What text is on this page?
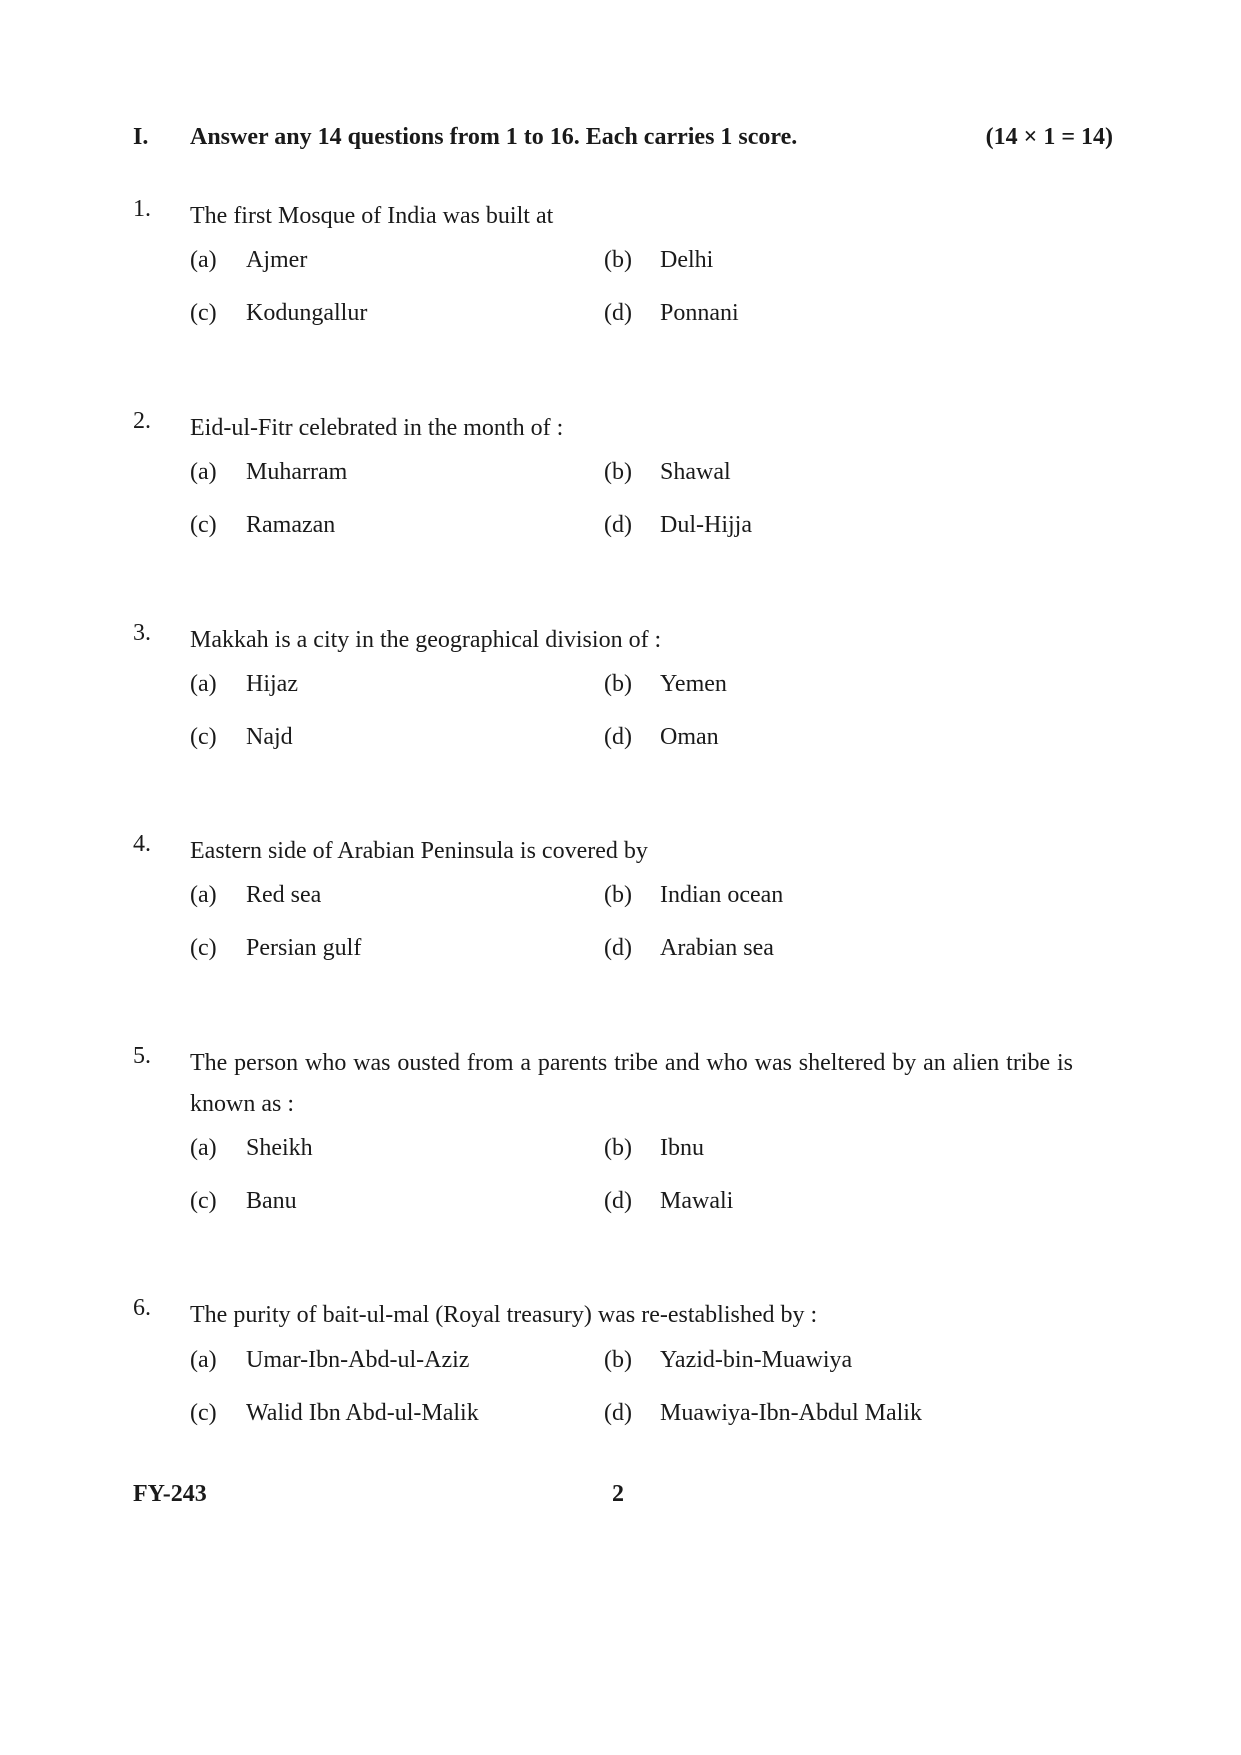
I. Answer any 14 questions from 1 to 16. Each carries 1 score.	(14 × 1 = 14)
1. The first Mosque of India was built at
(a) Ajmer	(b) Delhi
(c) Kodungallur	(d) Ponnani
2. Eid-ul-Fitr celebrated in the month of :
(a) Muharram	(b) Shawal
(c) Ramazan	(d) Dul-Hijja
3. Makkah is a city in the geographical division of :
(a) Hijaz	(b) Yemen
(c) Najd	(d) Oman
4. Eastern side of Arabian Peninsula is covered by
(a) Red sea	(b) Indian ocean
(c) Persian gulf	(d) Arabian sea
5. The person who was ousted from a parents tribe and who was sheltered by an alien tribe is known as :
(a) Sheikh	(b) Ibnu
(c) Banu	(d) Mawali
6. The purity of bait-ul-mal (Royal treasury) was re-established by :
(a) Umar-Ibn-Abd-ul-Aziz	(b) Yazid-bin-Muawiya
(c) Walid Ibn Abd-ul-Malik	(d) Muawiya-Ibn-Abdul Malik
FY-243	2
